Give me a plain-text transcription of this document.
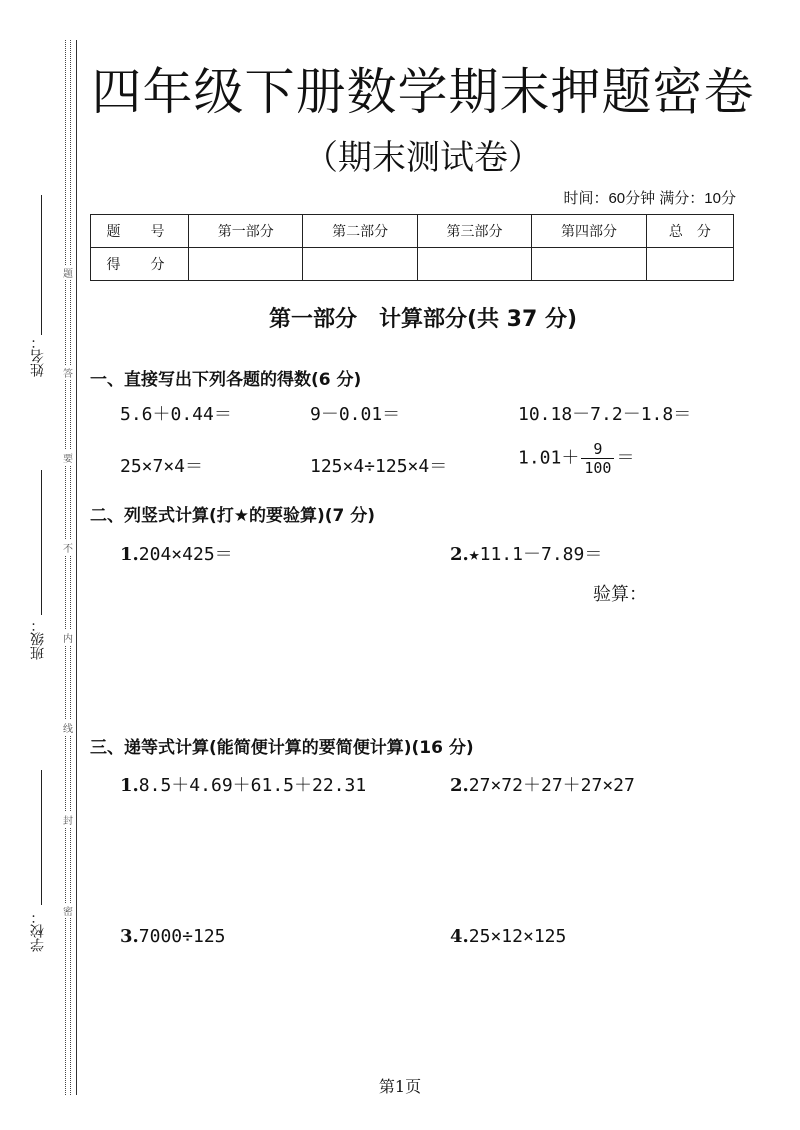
姓名：
班级：
学校：
题
答
要
不
内
线
封
密
四年级下册数学期末押题密卷
（期末测试卷）
时间：60分钟 满分：10分
题　号	第一部分	第二部分	第三部分	第四部分	总　分
得　分					
第一部分　计算部分(共 37 分)
一、直接写出下列各题的得数(6 分)
5.6＋0.44＝	9－0.01＝	10.18－7.2－1.8＝
25×7×4＝	125×4÷125×4＝	$1.01+ \frac{9}{100}$ ＝
二、列竖式计算(打★的要验算)(7 分)
1.204×425＝	2.★11.1－7.89＝
验算：
三、递等式计算(能简便计算的要简便计算)(16 分)
1.8.5＋4.69＋61.5＋22.31	2.27×72＋27＋27×27
3.7000÷125	4.25×12×125
第1页
